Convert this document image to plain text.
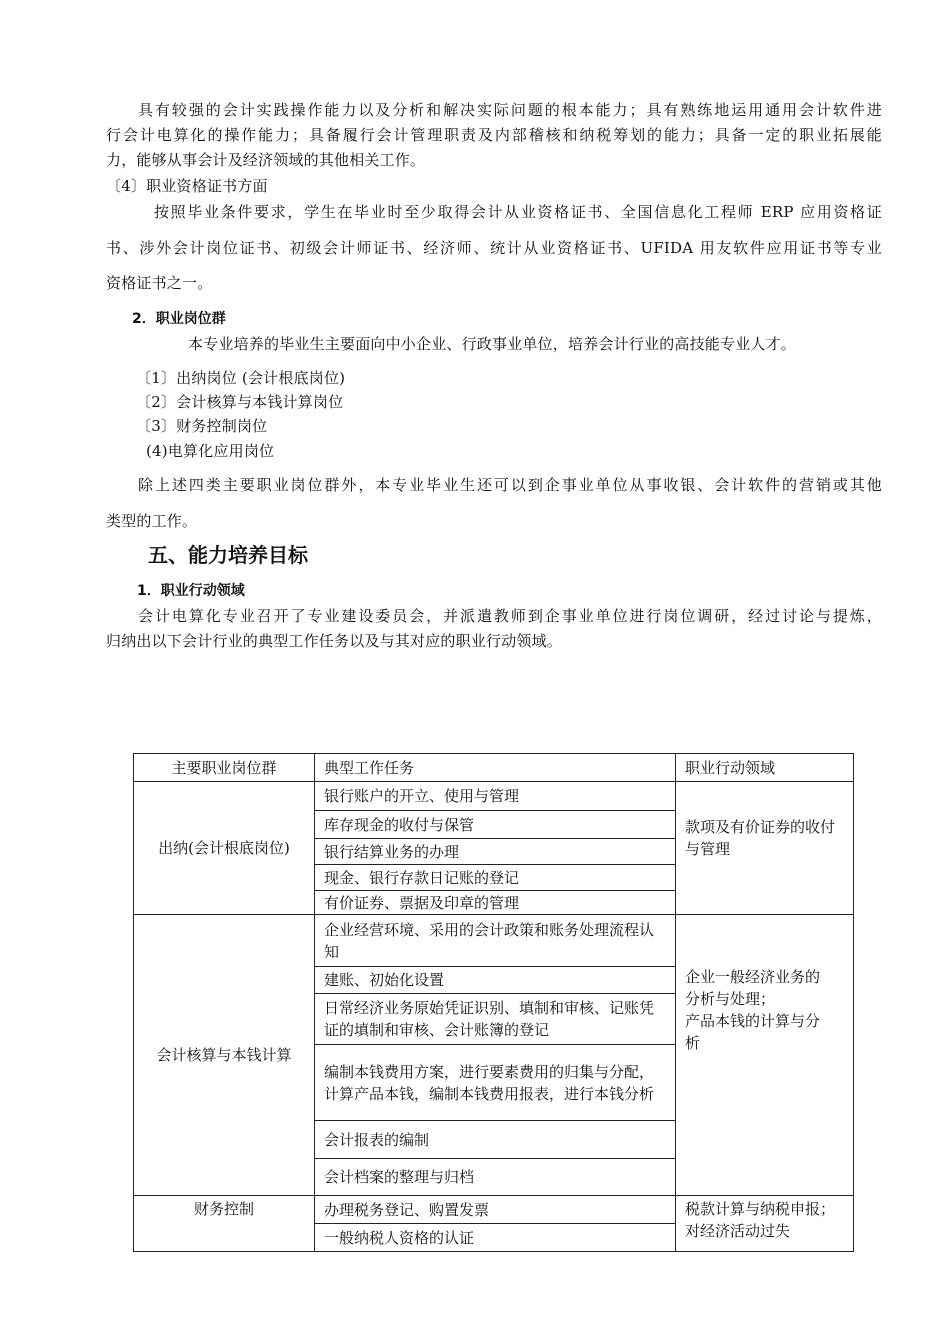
具有较强的会计实践操作能力以及分析和解决实际问题的根本能力；具有熟练地运用通用会计软件进
行会计电算化的操作能力；具备履行会计管理职责及内部稽核和纳税筹划的能力；具备一定的职业拓展能
力，能够从事会计及经济领域的其他相关工作。
〔4〕职业资格证书方面
按照毕业条件要求，学生在毕业时至少取得会计从业资格证书、全国信息化工程师 ERP 应用资格证
书、涉外会计岗位证书、初级会计师证书、经济师、统计从业资格证书、UFIDA 用友软件应用证书等专业
资格证书之一。
2．职业岗位群
本专业培养的毕业生主要面向中小企业、行政事业单位，培养会计行业的高技能专业人才。
〔1〕出纳岗位 (会计根底岗位)
〔2〕会计核算与本钱计算岗位
〔3〕财务控制岗位
(4)电算化应用岗位
除上述四类主要职业岗位群外，本专业毕业生还可以到企事业单位从事收银、会计软件的营销或其他
类型的工作。
五、能力培养目标
1．职业行动领域
会计电算化专业召开了专业建设委员会，并派遣教师到企事业单位进行岗位调研，经过讨论与提炼，
归纳出以下会计行业的典型工作任务以及与其对应的职业行动领域。
主要职业岗位群	典型工作任务	职业行动领域
出纳(会计根底岗位)	银行账户的开立、使用与管理	款项及有价证券的收付与管理
	库存现金的收付与保管	
	银行结算业务的办理	
	现金、银行存款日记账的登记	
	有价证券、票据及印章的管理	
会计核算与本钱计算	企业经营环境、采用的会计政策和账务处理流程认知	企业一般经济业务的分析与处理；
产品本钱的计算与分析

	建账、初始化设置	
	日常经济业务原始凭证识别、填制和审核、记账凭证的填制和审核、会计账簿的登记	
	编制本钱费用方案，进行要素费用的归集与分配，计算产品本钱，编制本钱费用报表，进行本钱分析	
	会计报表的编制	
	会计档案的整理与归档	
财务控制	办理税务登记、购置发票	税款计算与纳税申报；对经济活动过失
	一般纳税人资格的认证	
